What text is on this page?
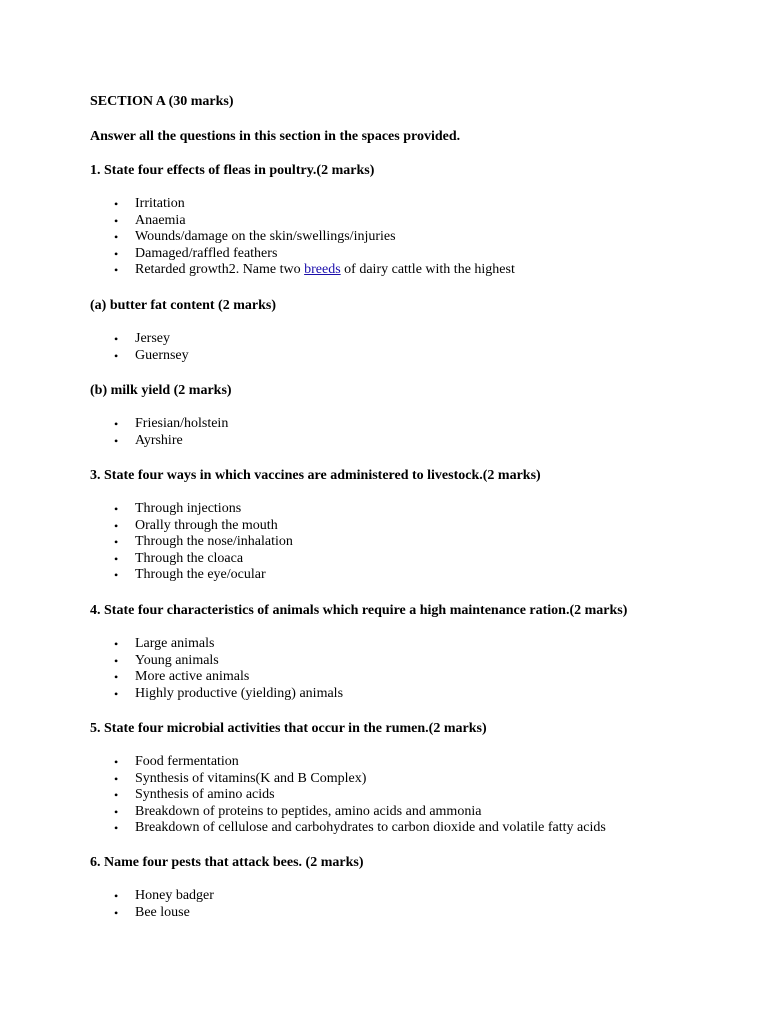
SECTION A (30 marks)

Answer all the questions in this section in the spaces provided.

1. State four effects of fleas in poultry.(2 marks)

• Irritation
• Anaemia
• Wounds/damage on the skin/swellings/injuries
• Damaged/raffled feathers
• Retarded growth2. Name two breeds of dairy cattle with the highest

(a) butter fat content (2 marks)

• Jersey
• Guernsey

(b) milk yield (2 marks)

• Friesian/holstein
• Ayrshire

3. State four ways in which vaccines are administered to livestock.(2 marks)

• Through injections
• Orally through the mouth
• Through the nose/inhalation
• Through the cloaca
• Through the eye/ocular

4. State four characteristics of animals which require a high maintenance ration.(2 marks)

• Large animals
• Young animals
• More active animals
• Highly productive (yielding) animals

5. State four microbial activities that occur in the rumen.(2 marks)

• Food fermentation
• Synthesis of vitamins(K and B Complex)
• Synthesis of amino acids
• Breakdown of proteins to peptides, amino acids and ammonia
• Breakdown of cellulose and carbohydrates to carbon dioxide and volatile fatty acids

6. Name four pests that attack bees. (2 marks)

• Honey badger
• Bee louse
